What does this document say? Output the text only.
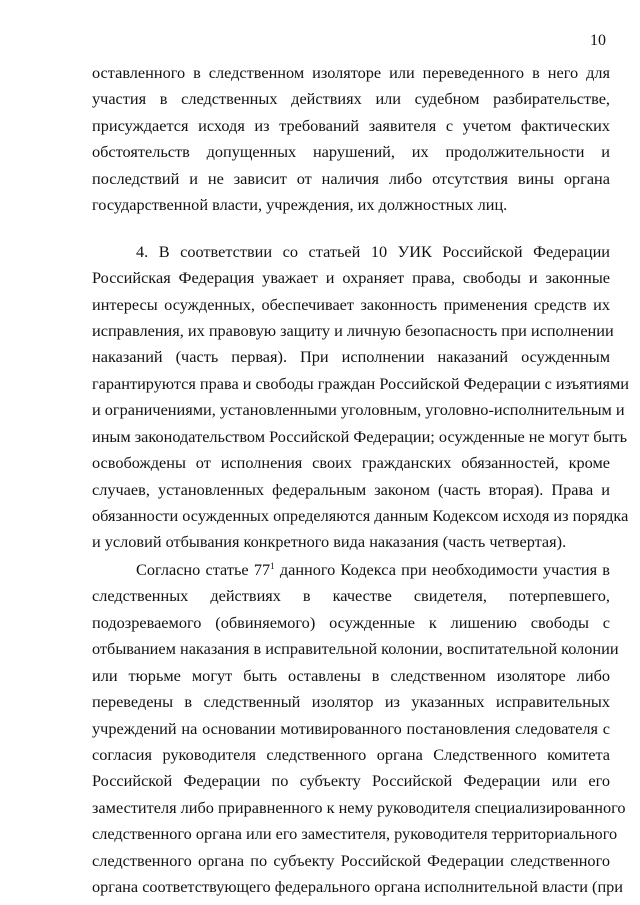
10
оставленного в следственном изоляторе или переведенного в него для
участия в следственных действиях или судебном разбирательстве,
присуждается исходя из требований заявителя с учетом фактических
обстоятельств допущенных нарушений, их продолжительности и
последствий и не зависит от наличия либо отсутствия вины органа
государственной власти, учреждения, их должностных лиц.
4. В соответствии со статьей 10 УИК Российской Федерации
Российская Федерация уважает и охраняет права, свободы и законные
интересы осужденных, обеспечивает законность применения средств их
исправления, их правовую защиту и личную безопасность при исполнении
наказаний (часть первая). При исполнении наказаний осужденным
гарантируются права и свободы граждан Российской Федерации с изъятиями
и ограничениями, установленными уголовным, уголовно-исполнительным и
иным законодательством Российской Федерации; осужденные не могут быть
освобождены от исполнения своих гражданских обязанностей, кроме
случаев, установленных федеральным законом (часть вторая). Права и
обязанности осужденных определяются данным Кодексом исходя из порядка
и условий отбывания конкретного вида наказания (часть четвертая).
Согласно статье $77^1$ данного Кодекса при необходимости участия в
следственных действиях в качестве свидетеля, потерпевшего,
подозреваемого (обвиняемого) осужденные к лишению свободы с
отбыванием наказания в исправительной колонии, воспитательной колонии
или тюрьме могут быть оставлены в следственном изоляторе либо
переведены в следственный изолятор из указанных исправительных
учреждений на основании мотивированного постановления следователя с
согласия руководителя следственного органа Следственного комитета
Российской Федерации по субъекту Российской Федерации или его
заместителя либо приравненного к нему руководителя специализированного
следственного органа или его заместителя, руководителя территориального
следственного органа по субъекту Российской Федерации следственного
органа соответствующего федерального органа исполнительной власти (при
